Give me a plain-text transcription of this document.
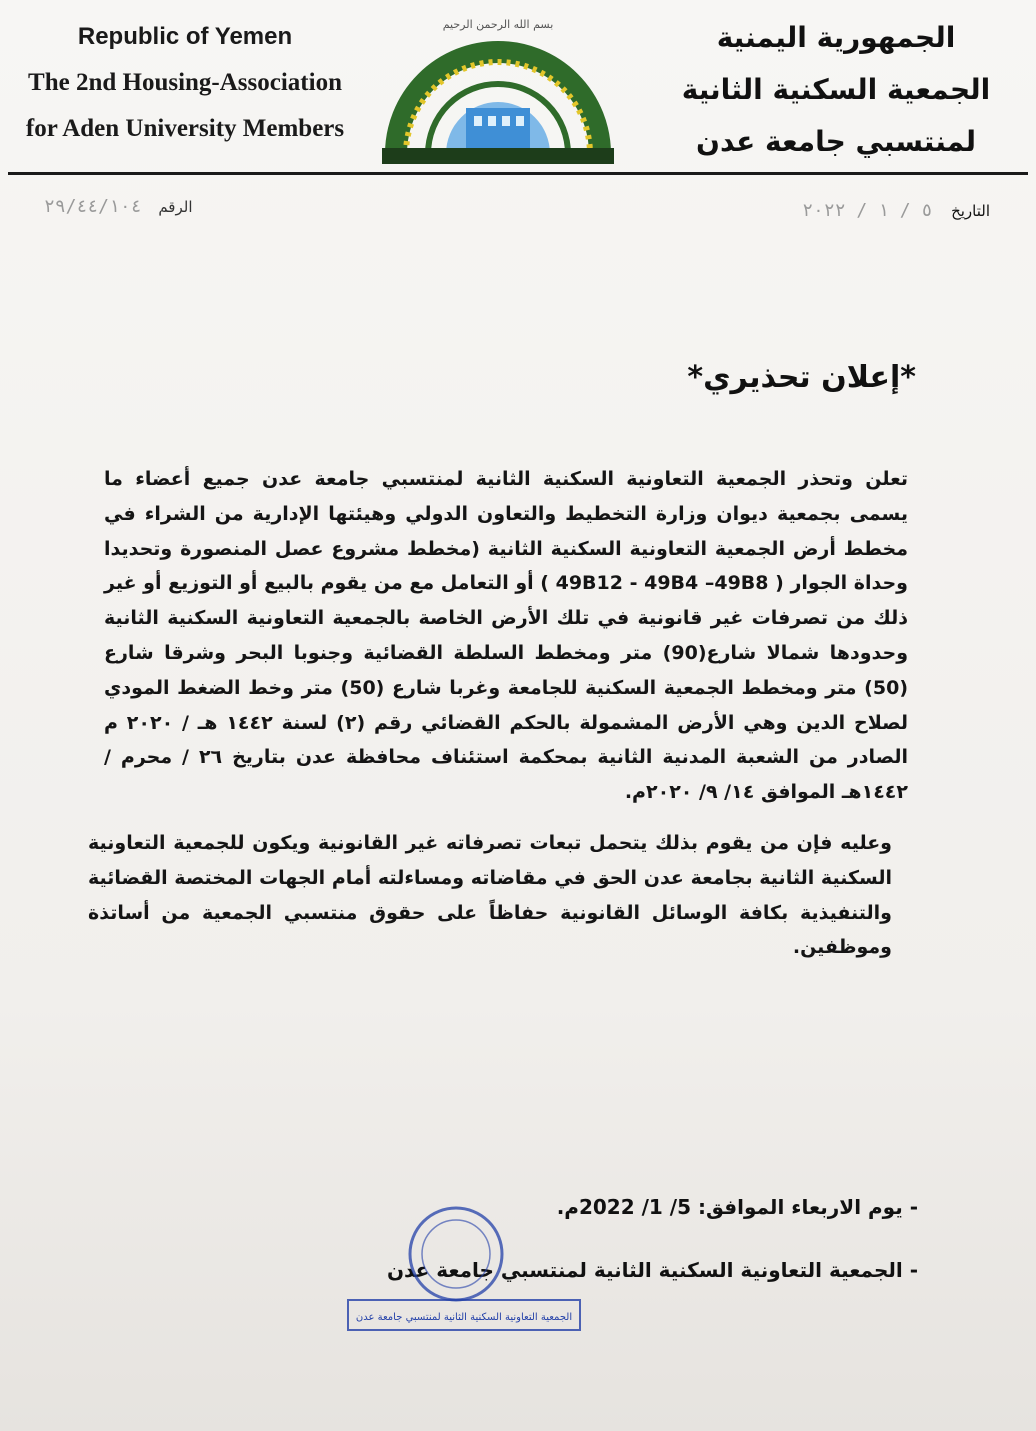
Republic of Yemen
The 2nd Housing-Association
for Aden University Members
بسم الله الرحمن الرحيم	الجمهورية اليمنية
الجمعية السكنية الثانية
لمنتسبي جامعة عدن
الرقم ٢٩/٤٤/١٠٤	التاريخ ٥ / ١ / ٢٠٢٢
*إعلان تحذيري*

تعلن وتحذر الجمعية التعاونية السكنية الثانية لمنتسبي جامعة عدن جميع أعضاء ما يسمى بجمعية ديوان وزارة التخطيط والتعاون الدولي وهيئتها الإدارية من الشراء في مخطط أرض الجمعية التعاونية السكنية الثانية (مخطط مشروع عصل المنصورة وتحديدا وحداة الجوار ( 49B12 - 49B4 –49B8 ) أو التعامل مع من يقوم بالبيع أو التوزيع أو غير ذلك من تصرفات غير قانونية في تلك الأرض الخاصة بالجمعية التعاونية السكنية الثانية وحدودها شمالا شارع(90) متر ومخطط السلطة القضائية وجنوبا البحر وشرقا شارع (50) متر ومخطط الجمعية السكنية للجامعة وغربا شارع (50) متر وخط الضغط المودي لصلاح الدين وهي الأرض المشمولة بالحكم القضائي رقم (٢) لسنة ١٤٤٢ هـ / ٢٠٢٠ م الصادر من الشعبة المدنية الثانية بمحكمة استئناف محافظة عدن بتاريخ ٢٦ / محرم / ١٤٤٢هـ الموافق ١٤/ ٩/ ٢٠٢٠م.

وعليه فإن من يقوم بذلك يتحمل تبعات تصرفاته غير القانونية ويكون للجمعية التعاونية السكنية الثانية بجامعة عدن الحق في مقاضاته ومساءلته أمام الجهات المختصة القضائية والتنفيذية بكافة الوسائل القانونية حفاظاً على حقوق منتسبي الجمعية من أساتذة وموظفين.

- يوم الاربعاء الموافق: 5/ 1/ 2022م.
- الجمعية التعاونية السكنية الثانية لمنتسبي جامعة عدن
الجمعية التعاونية السكنية الثانية لمنتسبي جامعة عدن
